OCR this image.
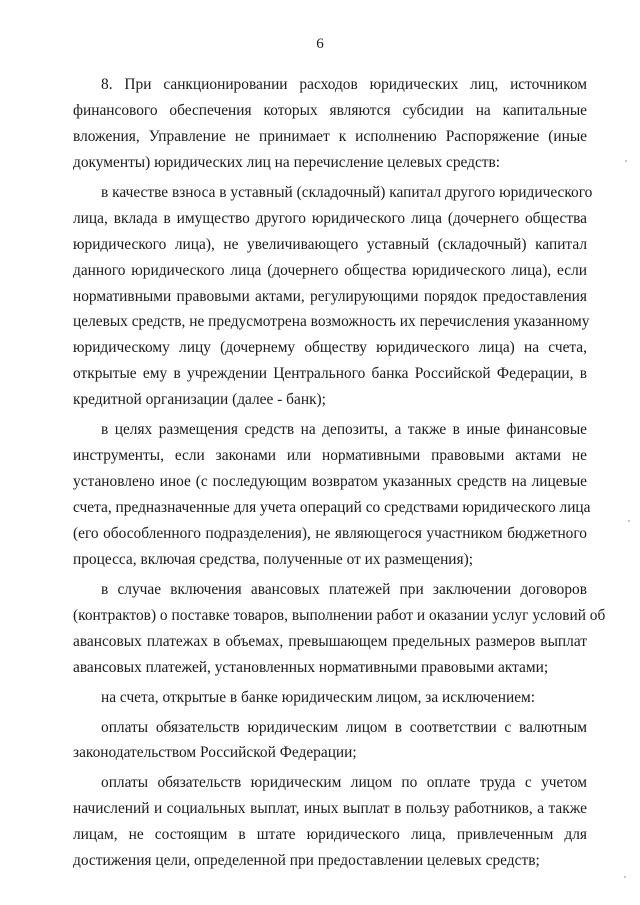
6
8. При санкционировании расходов юридических лиц, источником
финансового обеспечения которых являются субсидии на капитальные
вложения, Управление не принимает к исполнению Распоряжение (иные
документы) юридических лиц на перечисление целевых средств:
в качестве взноса в уставный (складочный) капитал другого юридического
лица, вклада в имущество другого юридического лица (дочернего общества
юридического лица), не увеличивающего уставный (складочный) капитал
данного юридического лица (дочернего общества юридического лица), если
нормативными правовыми актами, регулирующими порядок предоставления
целевых средств, не предусмотрена возможность их перечисления указанному
юридическому лицу (дочернему обществу юридического лица) на счета,
открытые ему в учреждении Центрального банка Российской Федерации, в
кредитной организации (далее - банк);
в целях размещения средств на депозиты, а также в иные финансовые
инструменты, если законами или нормативными правовыми актами не
установлено иное (с последующим возвратом указанных средств на лицевые
счета, предназначенные для учета операций со средствами юридического лица
(его обособленного подразделения), не являющегося участником бюджетного
процесса, включая средства, полученные от их размещения);
в случае включения авансовых платежей при заключении договоров
(контрактов) о поставке товаров, выполнении работ и оказании услуг условий об
авансовых платежах в объемах, превышающем предельных размеров выплат
авансовых платежей, установленных нормативными правовыми актами;
на счета, открытые в банке юридическим лицом, за исключением:
оплаты обязательств юридическим лицом в соответствии с валютным
законодательством Российской Федерации;
оплаты обязательств юридическим лицом по оплате труда с учетом
начислений и социальных выплат, иных выплат в пользу работников, а также
лицам, не состоящим в штате юридического лица, привлеченным для
достижения цели, определенной при предоставлении целевых средств;
